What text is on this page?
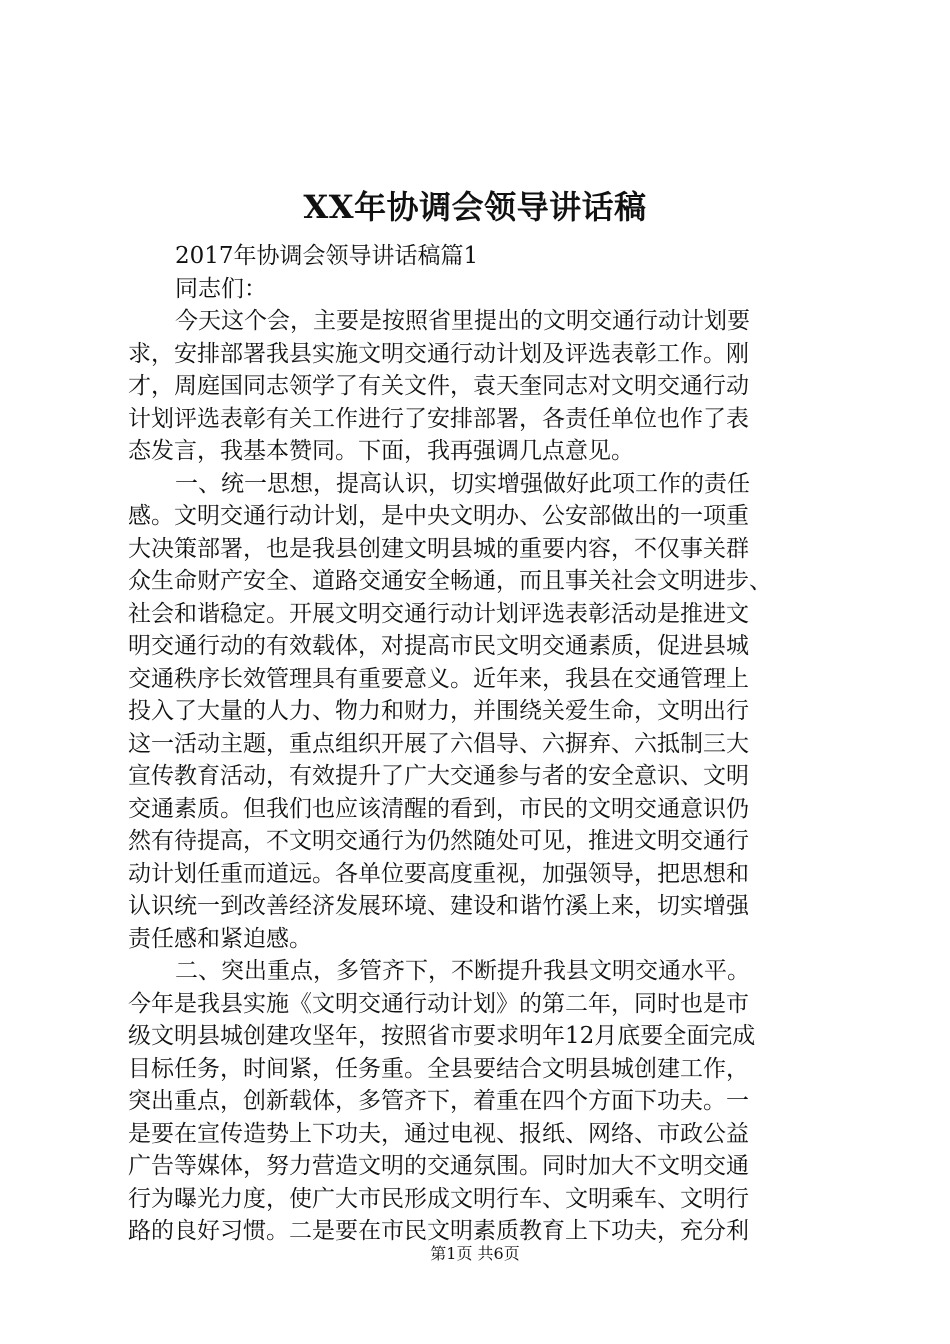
XX年协调会领导讲话稿
2017年协调会领导讲话稿篇1
同志们：
今天这个会，主要是按照省里提出的文明交通行动计划要
求，安排部署我县实施文明交通行动计划及评选表彰工作。刚
才，周庭国同志领学了有关文件，袁天奎同志对文明交通行动
计划评选表彰有关工作进行了安排部署，各责任单位也作了表
态发言，我基本赞同。下面，我再强调几点意见。
一、统一思想，提高认识，切实增强做好此项工作的责任
感。文明交通行动计划，是中央文明办、公安部做出的一项重
大决策部署，也是我县创建文明县城的重要内容，不仅事关群
众生命财产安全、道路交通安全畅通，而且事关社会文明进步、
社会和谐稳定。开展文明交通行动计划评选表彰活动是推进文
明交通行动的有效载体，对提高市民文明交通素质，促进县城
交通秩序长效管理具有重要意义。近年来，我县在交通管理上
投入了大量的人力、物力和财力，并围绕关爱生命，文明出行
这一活动主题，重点组织开展了六倡导、六摒弃、六抵制三大
宣传教育活动，有效提升了广大交通参与者的安全意识、文明
交通素质。但我们也应该清醒的看到，市民的文明交通意识仍
然有待提高，不文明交通行为仍然随处可见，推进文明交通行
动计划任重而道远。各单位要高度重视，加强领导，把思想和
认识统一到改善经济发展环境、建设和谐竹溪上来，切实增强
责任感和紧迫感。
二、突出重点，多管齐下，不断提升我县文明交通水平。
今年是我县实施《文明交通行动计划》的第二年，同时也是市
级文明县城创建攻坚年，按照省市要求明年12月底要全面完成
目标任务，时间紧，任务重。全县要结合文明县城创建工作，
突出重点，创新载体，多管齐下，着重在四个方面下功夫。一
是要在宣传造势上下功夫，通过电视、报纸、网络、市政公益
广告等媒体，努力营造文明的交通氛围。同时加大不文明交通
行为曝光力度，使广大市民形成文明行车、文明乘车、文明行
路的良好习惯。二是要在市民文明素质教育上下功夫，充分利
第1页 共6页
